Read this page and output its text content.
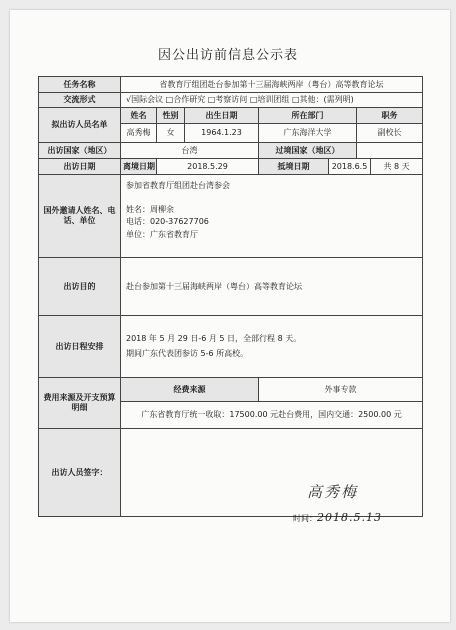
因公出访前信息公示表
任务名称	省教育厅组团赴台参加第十三届海峡两岸（粤台）高等教育论坛						
交流形式	√国际会议 □合作研究 □考察访问 □培训团组 □其他：(需列明)						
拟出访人员名单	姓名	性别	出生日期	所在部门		职务	
	高秀梅	女	1964.1.23	广东海洋大学		副校长	
出访国家（地区）	台湾			过境国家（地区）			
出访日期	离境日期	2018.5.29		抵境日期	2018.6.5		共 8 天
国外邀请人姓名、电话、单位	参加省教育厅组团赴台湾参会
姓名：周柳余
电话：020-37627706
单位：广东省教育厅						

出访目的	赴台参加第十三届海峡两岸（粤台）高等教育论坛						
出访日程安排	2018 年 5 月 29 日-6 月 5 日，全部行程 8 天。
期间广东代表团参访 5-6 所高校。						

费用来源及开支预算明细	经费来源			外事专款			
	广东省教育厅统一收取：17500.00 元赴台费用，国内交通：2500.00 元						
出访人员签字：	高秀梅
时间：2018.5.13						
